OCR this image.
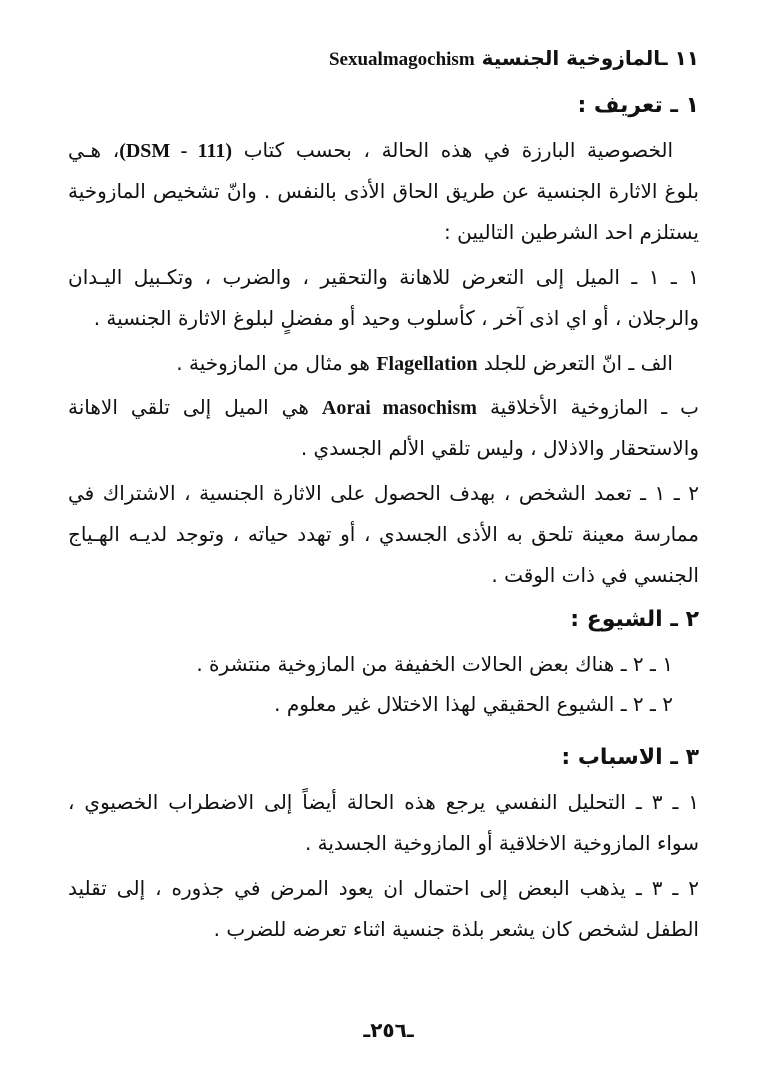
١١ ـالمازوخية الجنسية Sexualmagochism
١ ـ تعريف :
الخصوصية البارزة في هذه الحالة ، بحسب كتاب (DSM - 111)، هـي
بلوغ الاثارة الجنسية عن طريق الحاق الأذى بالنفس . وانّ تشخيص المازوخية
يستلزم احد الشرطين التاليين :
١ ـ ١ ـ الميل إلى التعرض للاهانة والتحقير ، والضرب ، وتكـبيل اليـدان
والرجلان ، أو اي اذى آخر ، كأسلوب وحيد أو مفضلٍ لبلوغ الاثارة الجنسية .
الف ـ انّ التعرض للجلد Flagellation هو مثال من المازوخية .
ب ـ المازوخية الأخلاقية Aorai masochism هي الميل إلى تلقي الاهانة
والاستحقار والاذلال ، وليس تلقي الألم الجسدي .
٢ ـ ١ ـ تعمد الشخص ، بهدف الحصول على الاثارة الجنسية ، الاشتراك في
ممارسة معينة تلحق به الأذى الجسدي ، أو تهدد حياته ، وتوجد لديـه الهـياج
الجنسي في ذات الوقت .
٢ ـ الشيوع :
١ ـ ٢ ـ هناك بعض الحالات الخفيفة من المازوخية منتشرة .
٢ ـ ٢ ـ الشيوع الحقيقي لهذا الاختلال غير معلوم .
٣ ـ الاسباب :
١ ـ ٣ ـ التحليل النفسي يرجع هذه الحالة أيضاً إلى الاضطراب الخصيوي ،
سواء المازوخية الاخلاقية أو المازوخية الجسدية .
٢ ـ ٣ ـ يذهب البعض إلى احتمال ان يعود المرض في جذوره ، إلى تقليد
الطفل لشخص كان يشعر بلذة جنسية اثناء تعرضه للضرب .
ـ٢٥٦ـ
